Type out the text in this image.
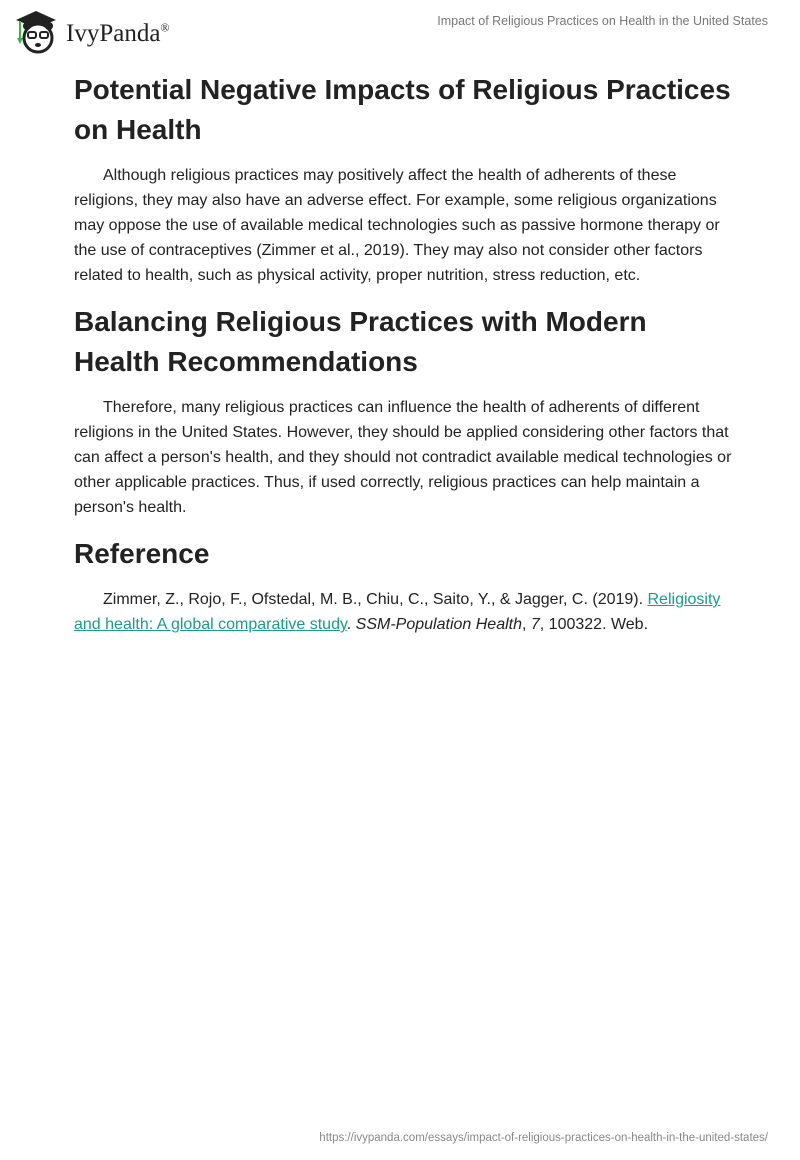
IvyPanda®	Impact of Religious Practices on Health in the United States
Potential Negative Impacts of Religious Practices on Health

Although religious practices may positively affect the health of adherents of these religions, they may also have an adverse effect. For example, some religious organizations may oppose the use of available medical technologies such as passive hormone therapy or the use of contraceptives (Zimmer et al., 2019). They may also not consider other factors related to health, such as physical activity, proper nutrition, stress reduction, etc.

Balancing Religious Practices with Modern Health Recommendations

Therefore, many religious practices can influence the health of adherents of different religions in the United States. However, they should be applied considering other factors that can affect a person's health, and they should not contradict available medical technologies or other applicable practices. Thus, if used correctly, religious practices can help maintain a person's health.

Reference

Zimmer, Z., Rojo, F., Ofstedal, M. B., Chiu, C., Saito, Y., & Jagger, C. (2019). Religiosity and health: A global comparative study. SSM-Population Health, 7, 100322. Web.

https://ivypanda.com/essays/impact-of-religious-practices-on-health-in-the-united-states/
